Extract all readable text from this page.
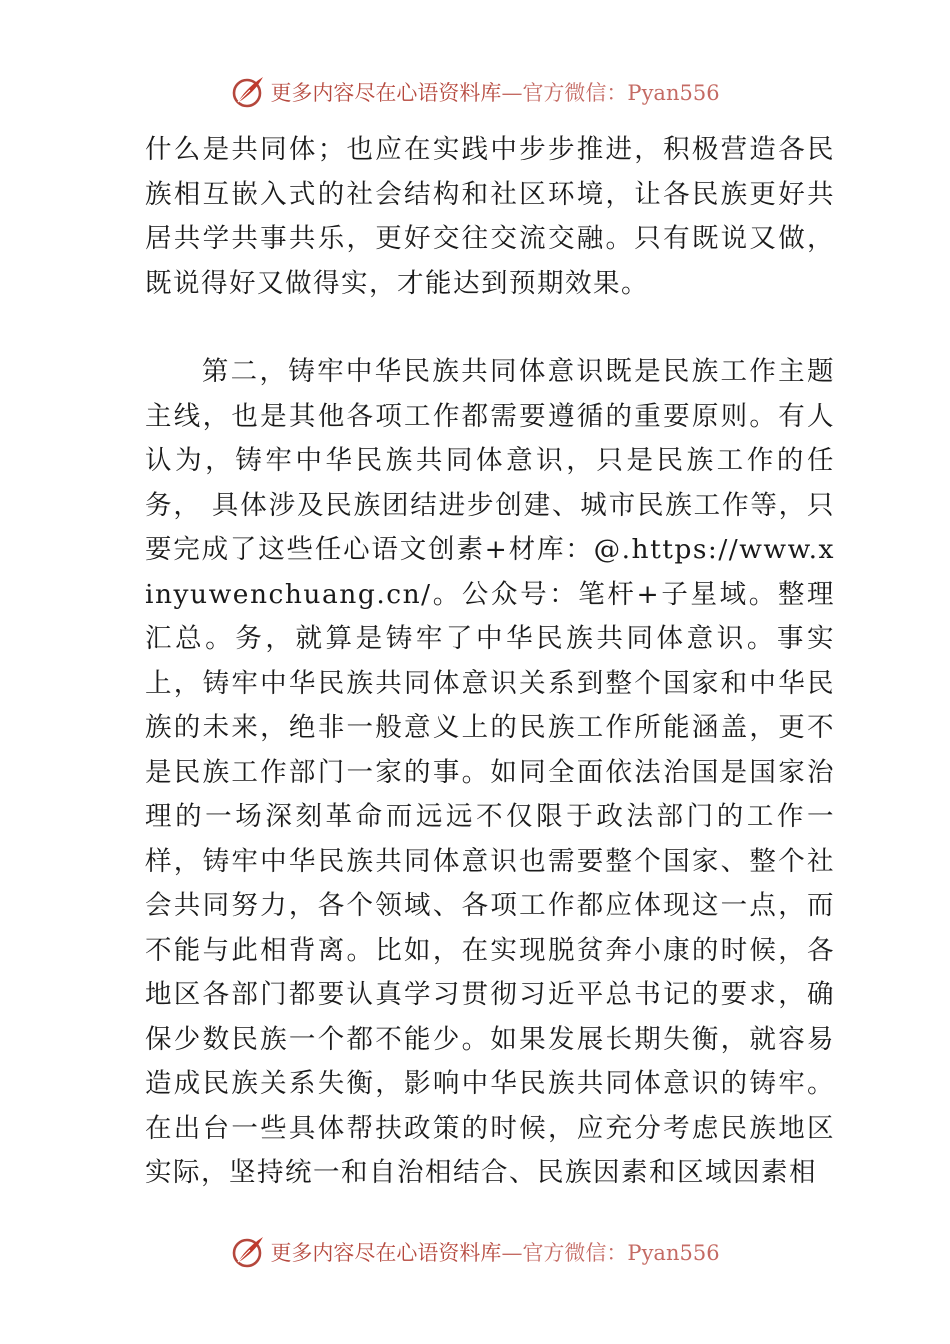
更多内容尽在心语资料库—官方微信：Pyan556

什么是共同体；也应在实践中步步推进，积极营造各民族相互嵌入式的社会结构和社区环境，让各民族更好共居共学共事共乐，更好交往交流交融。只有既说又做，既说得好又做得实，才能达到预期效果。

第二，铸牢中华民族共同体意识既是民族工作主题主线，也是其他各项工作都需要遵循的重要原则。有人认为，铸牢中华民族共同体意识，只是民族工作的任务， 具体涉及民族团结进步创建、城市民族工作等，只要完成了这些任心语文创素+材库：@.https://www.xinyuwenchuang.cn/。公众号：笔杆+子星域。整理汇总。务，就算是铸牢了中华民族共同体意识。事实上，铸牢中华民族共同体意识关系到整个国家和中华民族的未来，绝非一般意义上的民族工作所能涵盖，更不是民族工作部门一家的事。如同全面依法治国是国家治理的一场深刻革命而远远不仅限于政法部门的工作一样，铸牢中华民族共同体意识也需要整个国家、整个社会共同努力，各个领域、各项工作都应体现这一点，而不能与此相背离。比如，在实现脱贫奔小康的时候，各地区各部门都要认真学习贯彻习近平总书记的要求，确保少数民族一个都不能少。如果发展长期失衡，就容易造成民族关系失衡，影响中华民族共同体意识的铸牢。在出台一些具体帮扶政策的时候，应充分考虑民族地区实际，坚持统一和自治相结合、民族因素和区域因素相

更多内容尽在心语资料库—官方微信：Pyan556
